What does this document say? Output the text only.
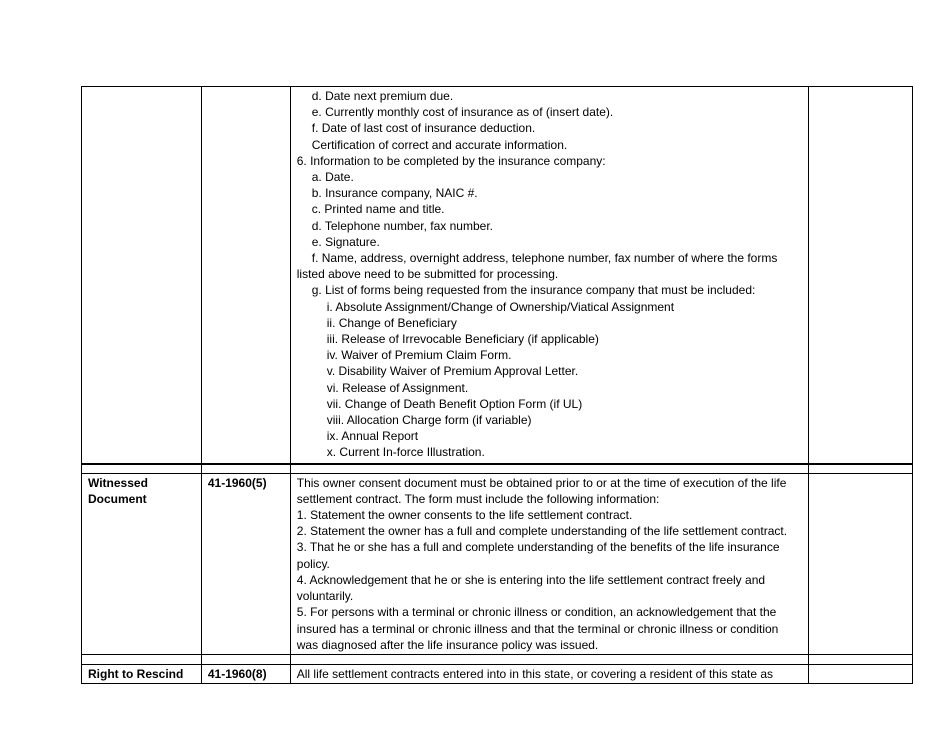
d. Date next premium due.
e. Currently monthly cost of insurance as of (insert date).
f. Date of last cost of insurance deduction.
Certification of correct and accurate information.
6. Information to be completed by the insurance company:
a. Date.
b. Insurance company, NAIC #.
c. Printed name and title.
d. Telephone number, fax number.
e. Signature.
f. Name, address, overnight address, telephone number, fax number of where the forms
listed above need to be submitted for processing.
g. List of forms being requested from the insurance company that must be included:
i. Absolute Assignment/Change of Ownership/Viatical Assignment
ii. Change of Beneficiary
iii. Release of Irrevocable Beneficiary (if applicable)
iv. Waiver of Premium Claim Form.
v. Disability Waiver of Premium Approval Letter.
vi. Release of Assignment.
vii. Change of Death Benefit Option Form (if UL)
viii. Allocation Charge form (if variable)
ix. Annual Report
x. Current In-force Illustration.
Witnessed
Document
41-1960(5)	This owner consent document must be obtained prior to or at the time of execution of the life
settlement contract. The form must include the following information:
1. Statement the owner consents to the life settlement contract.
2. Statement the owner has a full and complete understanding of the life settlement contract.
3. That he or she has a full and complete understanding of the benefits of the life insurance
policy.
4. Acknowledgement that he or she is entering into the life settlement contract freely and
voluntarily.
5. For persons with a terminal or chronic illness or condition, an acknowledgement that the
insured has a terminal or chronic illness and that the terminal or chronic illness or condition
was diagnosed after the life insurance policy was issued.
Right to Rescind	41-1960(8)	All life settlement contracts entered into in this state, or covering a resident of this state as
